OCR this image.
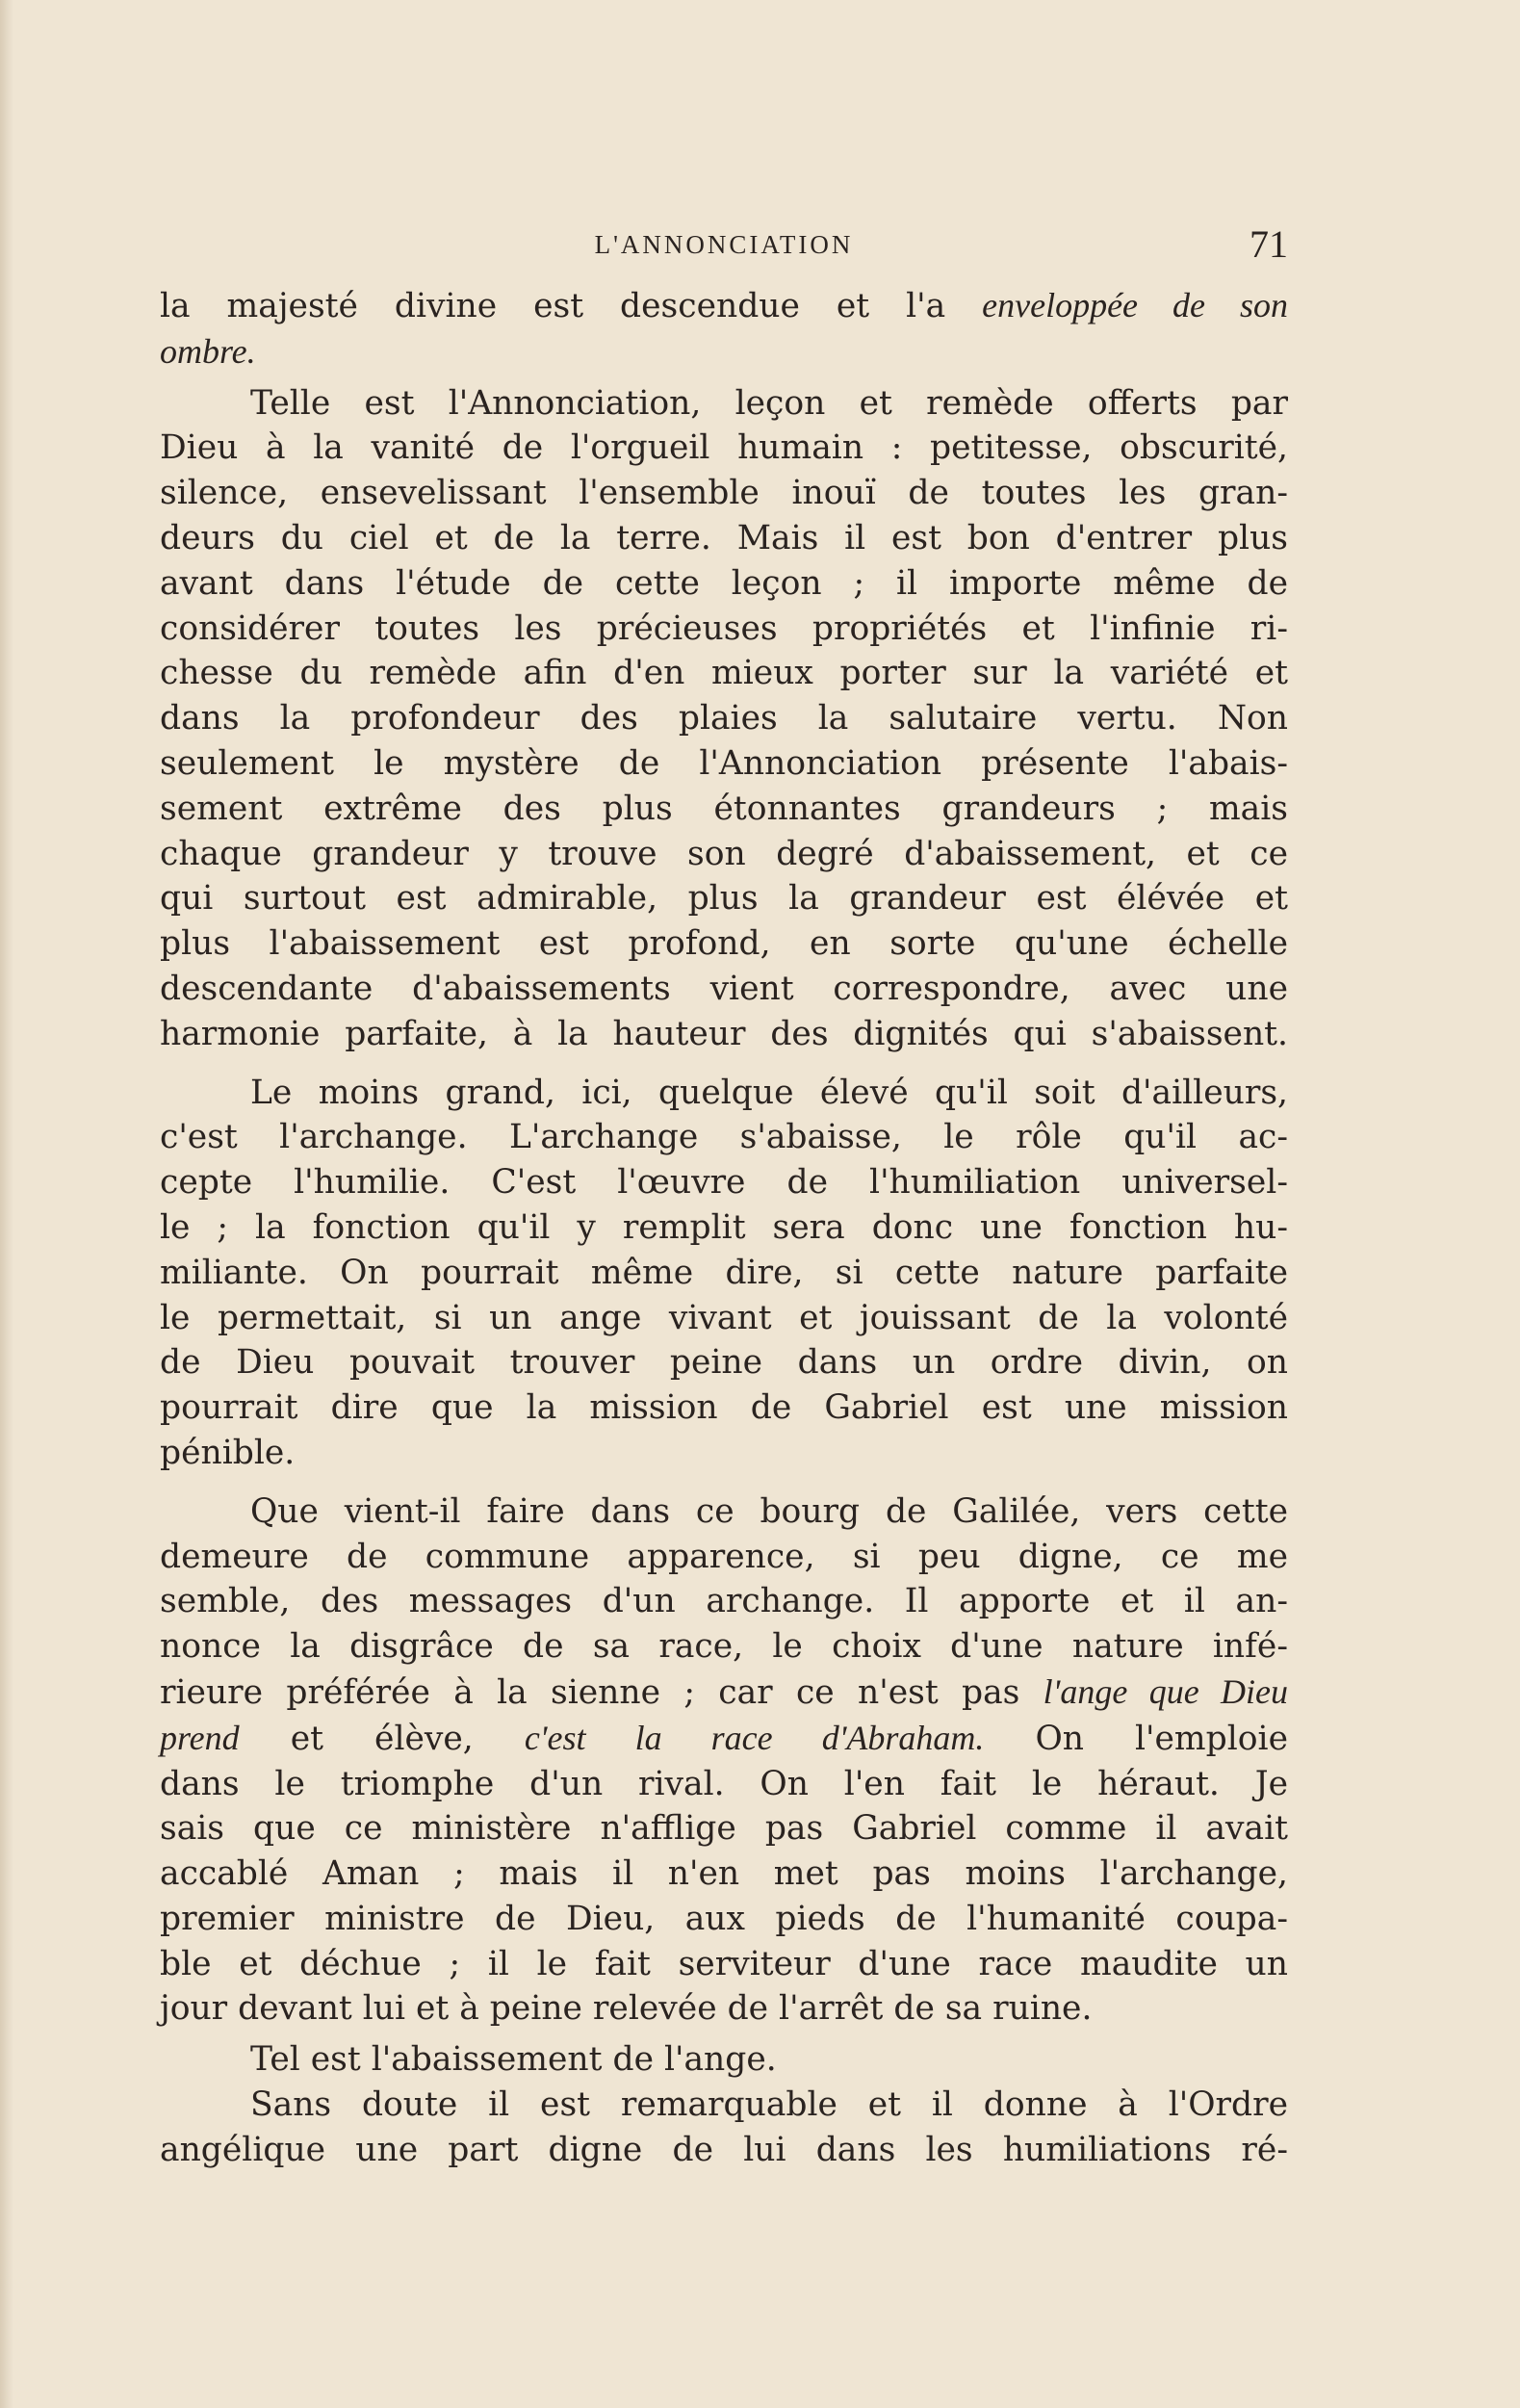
L'ANNONCIATION	71
la majesté divine est descendue et l'a enveloppée de son
ombre.
Telle est l'Annonciation, leçon et remède offerts par
Dieu à la vanité de l'orgueil humain : petitesse, obscurité,
silence, ensevelissant l'ensemble inouï de toutes les gran-
deurs du ciel et de la terre. Mais il est bon d'entrer plus
avant dans l'étude de cette leçon ; il importe même de
considérer toutes les précieuses propriétés et l'infinie ri-
chesse du remède afin d'en mieux porter sur la variété et
dans la profondeur des plaies la salutaire vertu. Non
seulement le mystère de l'Annonciation présente l'abais-
sement extrême des plus étonnantes grandeurs ; mais
chaque grandeur y trouve son degré d'abaissement, et ce
qui surtout est admirable, plus la grandeur est élévée et
plus l'abaissement est profond, en sorte qu'une échelle
descendante d'abaissements vient correspondre, avec une
harmonie parfaite, à la hauteur des dignités qui s'abaissent.
Le moins grand, ici, quelque élevé qu'il soit d'ailleurs,
c'est l'archange. L'archange s'abaisse, le rôle qu'il ac-
cepte l'humilie. C'est l'œuvre de l'humiliation universel-
le ; la fonction qu'il y remplit sera donc une fonction hu-
miliante. On pourrait même dire, si cette nature parfaite
le permettait, si un ange vivant et jouissant de la volonté
de Dieu pouvait trouver peine dans un ordre divin, on
pourrait dire que la mission de Gabriel est une mission
pénible.
Que vient-il faire dans ce bourg de Galilée, vers cette
demeure de commune apparence, si peu digne, ce me
semble, des messages d'un archange. Il apporte et il an-
nonce la disgrâce de sa race, le choix d'une nature infé-
rieure préférée à la sienne ; car ce n'est pas l'ange que Dieu
prend et élève, c'est la race d'Abraham. On l'emploie
dans le triomphe d'un rival. On l'en fait le héraut. Je
sais que ce ministère n'afflige pas Gabriel comme il avait
accablé Aman ; mais il n'en met pas moins l'archange,
premier ministre de Dieu, aux pieds de l'humanité coupa-
ble et déchue ; il le fait serviteur d'une race maudite un
jour devant lui et à peine relevée de l'arrêt de sa ruine.
Tel est l'abaissement de l'ange.
Sans doute il est remarquable et il donne à l'Ordre
angélique une part digne de lui dans les humiliations ré-
